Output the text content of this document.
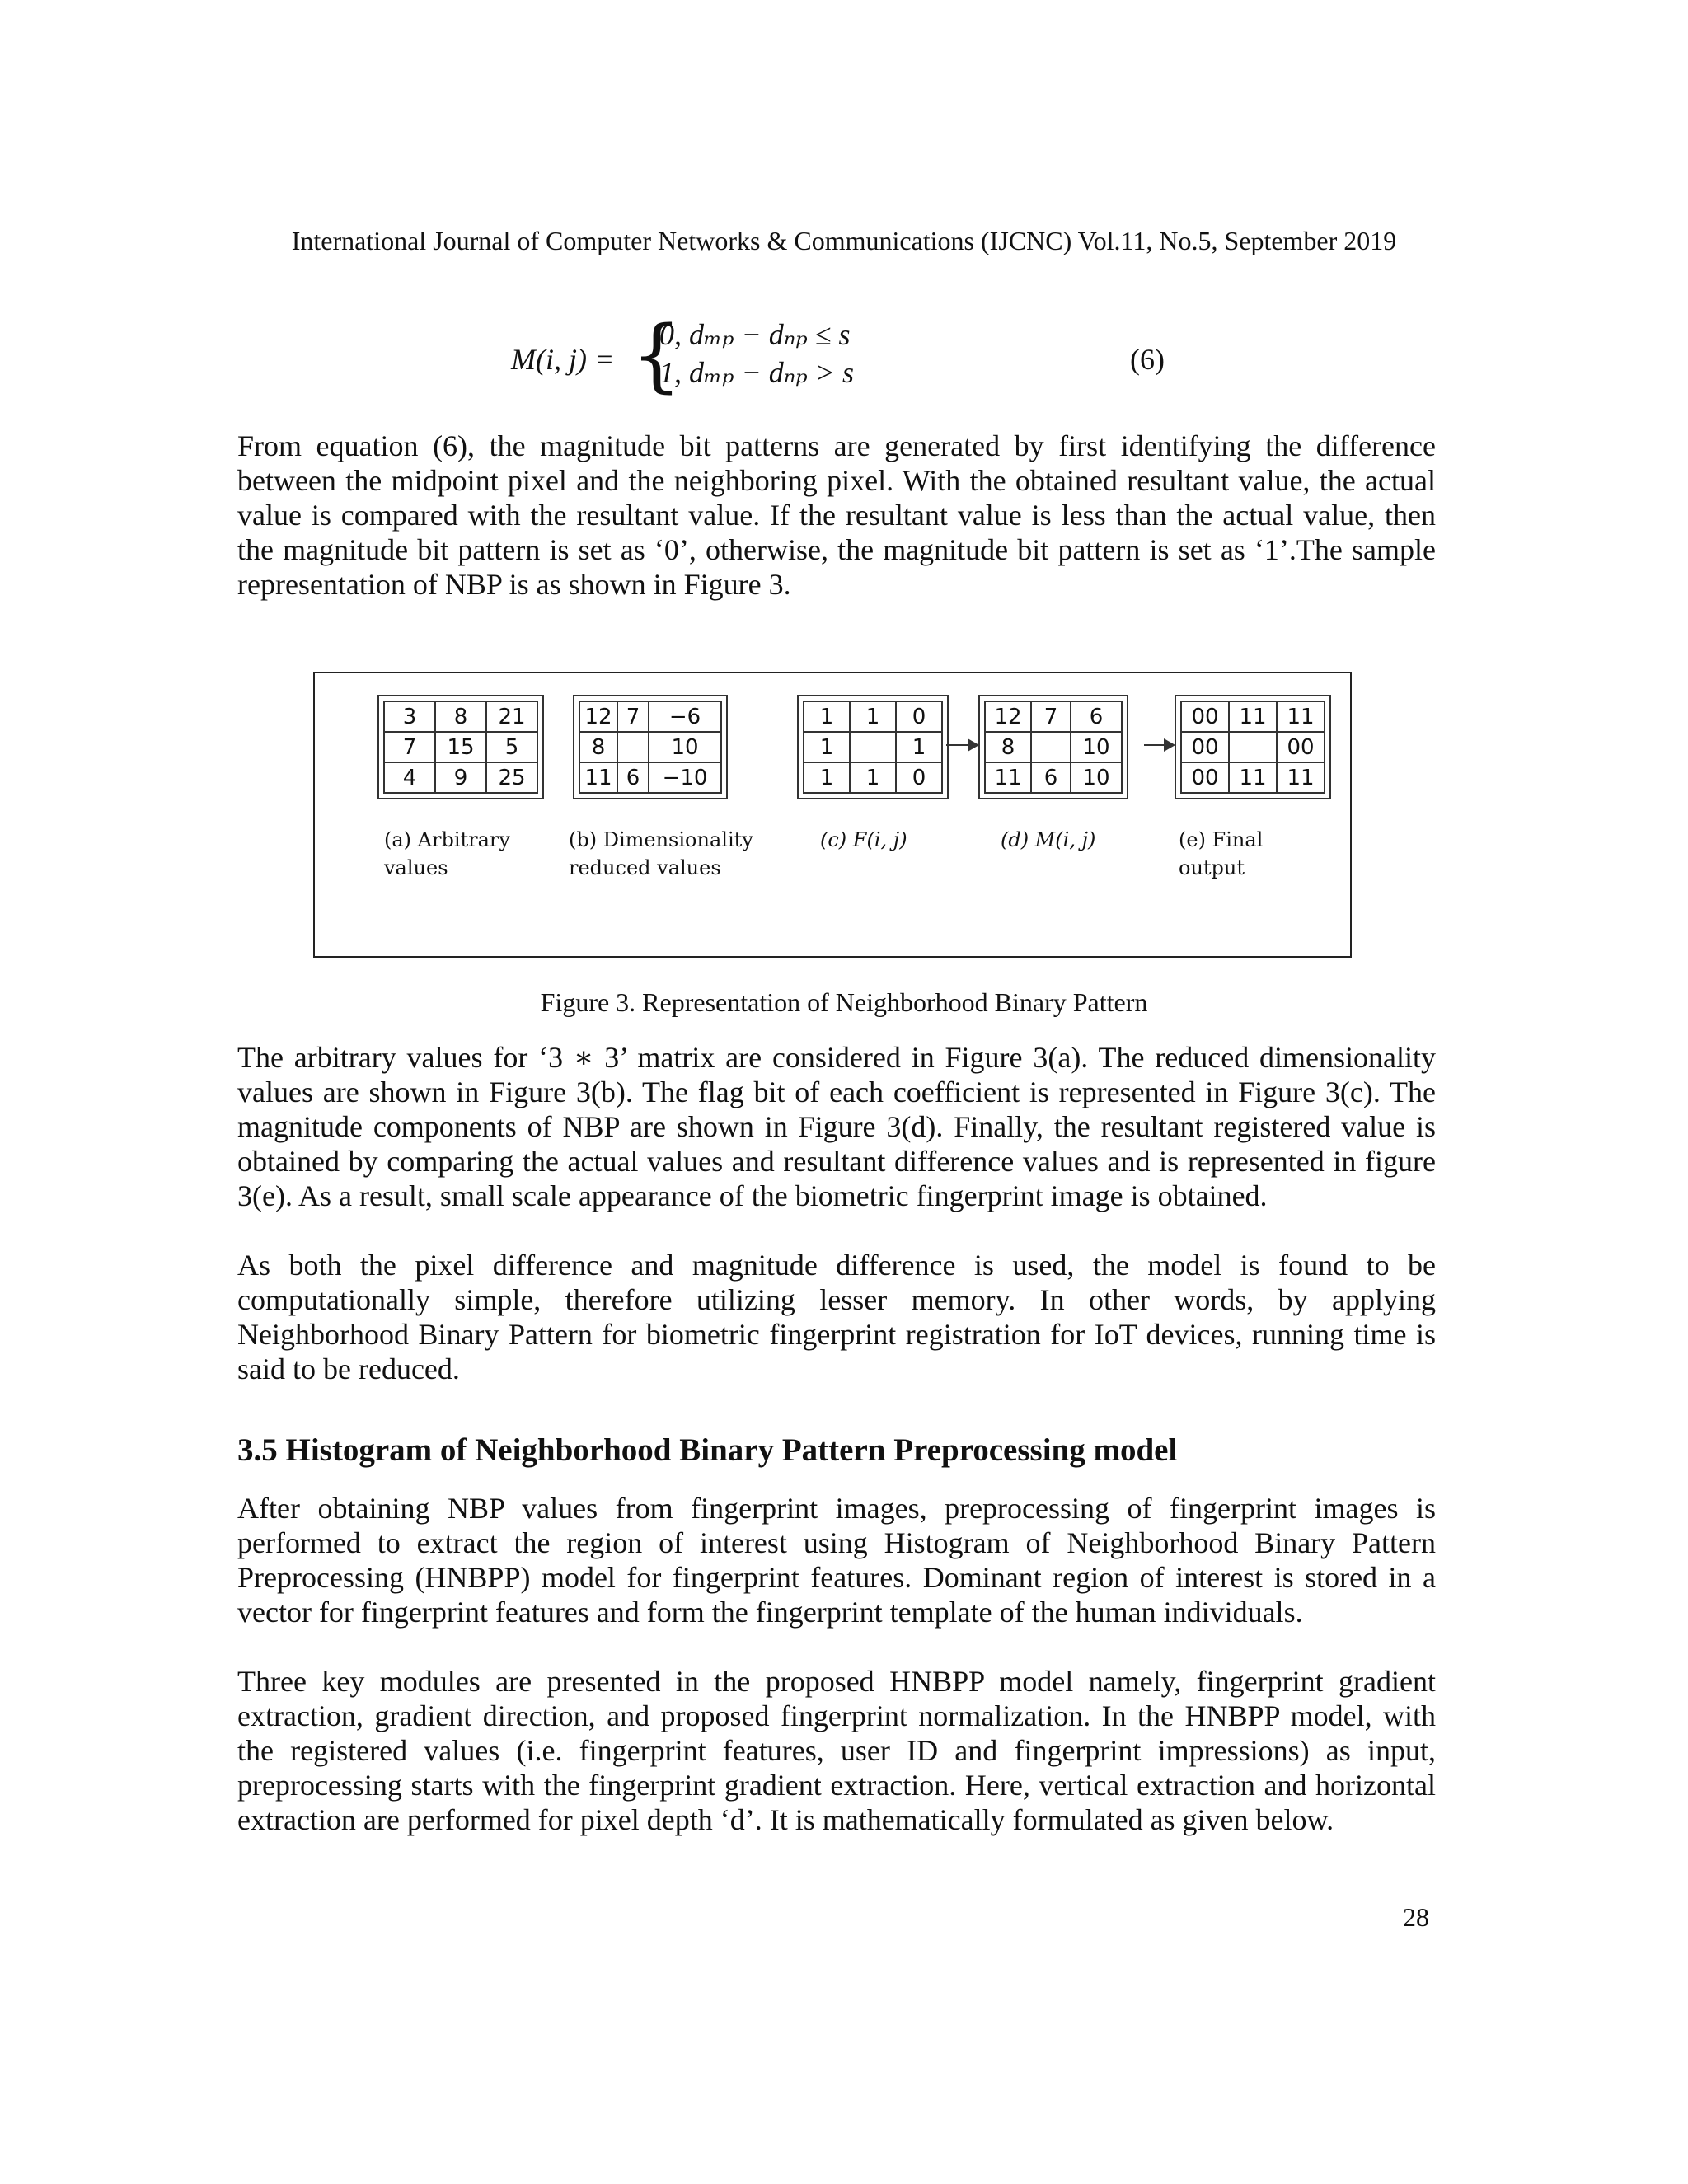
International Journal of Computer Networks & Communications (IJCNC) Vol.11, No.5, September 2019
M(i, j) = {
0, dₘₚ − dₙₚ ≤ s
1, dₘₚ − dₙₚ > s	(6)

From equation (6), the magnitude bit patterns are generated by first identifying the difference between the midpoint pixel and the neighboring pixel. With the obtained resultant value, the actual value is compared with the resultant value. If the resultant value is less than the actual value, then the magnitude bit pattern is set as ‘0’, otherwise, the magnitude bit pattern is set as ‘1’.The sample representation of NBP is as shown in Figure 3.

3	8	21
7	15	5
4	9	25
12	7	−6
8		10
11	6	−10
1	1	0
1		1
1	1	0
12	7	6
8		10
11	6	10
00	11	11
00		00
00	11	11
(a) Arbitrary
values
(b) Dimensionality
reduced values
(c) F(i, j)	(d) M(i, j)	(e) Final
output
Figure 3. Representation of Neighborhood Binary Pattern

The arbitrary values for ‘3 ∗ 3’ matrix are considered in Figure 3(a). The reduced dimensionality values are shown in Figure 3(b). The flag bit of each coefficient is represented in Figure 3(c). The magnitude components of NBP are shown in Figure 3(d). Finally, the resultant registered value is obtained by comparing the actual values and resultant difference values and is represented in figure 3(e). As a result, small scale appearance of the biometric fingerprint image is obtained.

As both the pixel difference and magnitude difference is used, the model is found to be computationally simple, therefore utilizing lesser memory. In other words, by applying Neighborhood Binary Pattern for biometric fingerprint registration for IoT devices, running time is said to be reduced.

3.5 Histogram of Neighborhood Binary Pattern Preprocessing model

After obtaining NBP values from fingerprint images, preprocessing of fingerprint images is performed to extract the region of interest using Histogram of Neighborhood Binary Pattern Preprocessing (HNBPP) model for fingerprint features. Dominant region of interest is stored in a vector for fingerprint features and form the fingerprint template of the human individuals.

Three key modules are presented in the proposed HNBPP model namely, fingerprint gradient extraction, gradient direction, and proposed fingerprint normalization. In the HNBPP model, with the registered values (i.e. fingerprint features, user ID and fingerprint impressions) as input, preprocessing starts with the fingerprint gradient extraction. Here, vertical extraction and horizontal extraction are performed for pixel depth ‘d’. It is mathematically formulated as given below.

28
